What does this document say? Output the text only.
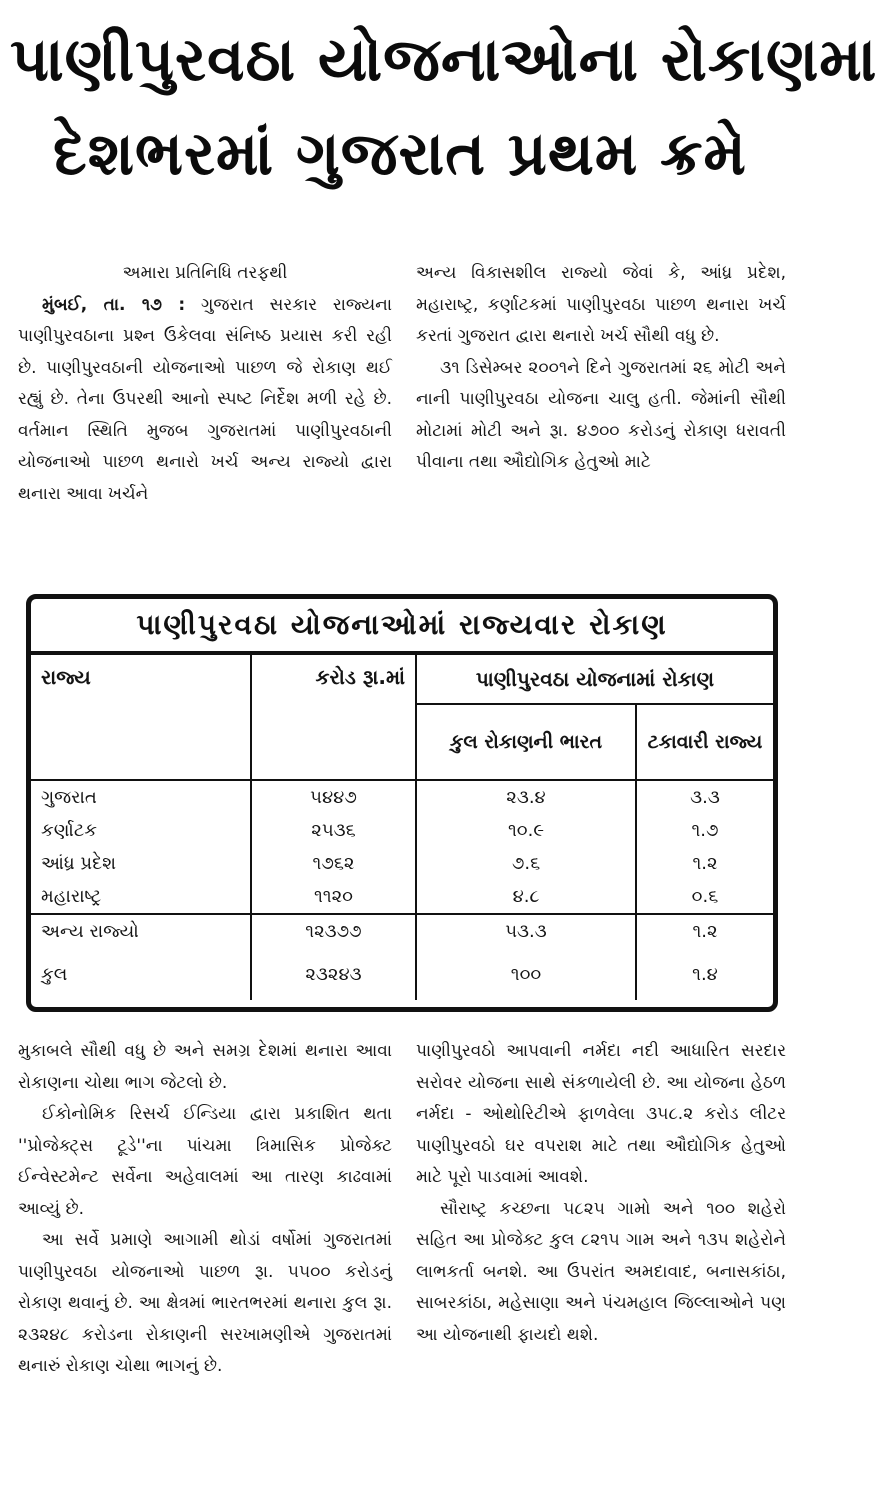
પાણીપુરવઠા યોજનાઓના રોકાણમા
દેશભરમાં ગુજરાત પ્રથમ ક્રમે

અમારા પ્રતિનિધિ તરફથી

મુંબઈ, તા. ૧૭ : ગુજરાત સરકાર રાજ્યના પાણીપુરવઠાના પ્રશ્ન ઉકેલવા સંનિષ્ઠ પ્રયાસ કરી રહી છે. પાણીપુરવઠાની યોજનાઓ પાછળ જે રોકાણ થઈ રહ્યું છે. તેના ઉપરથી આનો સ્પષ્ટ નિર્દેશ મળી રહે છે. વર્તમાન સ્થિતિ મુજબ ગુજરાતમાં પાણીપુરવઠાની યોજનાઓ પાછળ થનારો ખર્ચ અન્ય રાજ્યો દ્વારા થનારા આવા ખર્ચને

અન્ય વિકાસશીલ રાજ્યો જેવાં કે, આંધ્ર પ્રદેશ, મહારાષ્ટ્ર, કર્ણાટકમાં પાણીપુરવઠા પાછળ થનારા ખર્ચ કરતાં ગુજરાત દ્વારા થનારો ખર્ચ સૌથી વધુ છે.

૩૧ ડિસેમ્બર ૨૦૦૧ને દિને ગુજરાતમાં ૨૬ મોટી અને નાની પાણીપુરવઠા યોજના ચાલુ હતી. જેમાંની સૌથી મોટામાં મોટી અને રૂા. ૪૭૦૦ કરોડનું રોકાણ ધરાવતી પીવાના તથા ઔદ્યોગિક હેતુઓ માટે

પાણીપુરવઠા યોજનાઓમાં રાજ્યવાર રોકાણ
રાજ્ય	કરોડ રૂા.માં	પાણીપુરવઠા યોજનામાં રોકાણ	
		કુલ રોકાણની ભારત	ટકાવારી રાજ્ય
ગુજરાત	૫૪૪૭	૨૩.૪	૩.૩
કર્ણાટક	૨૫૩૬	૧૦.૯	૧.૭
આંધ્ર પ્રદેશ	૧૭૬૨	૭.૬	૧.૨
મહારાષ્ટ્ર	૧૧૨૦	૪.૮	૦.૬
અન્ય રાજ્યો	૧૨૩૭૭	૫૩.૩	૧.૨
કુલ	૨૩૨૪૩	૧૦૦	૧.૪

મુકાબલે સૌથી વધુ છે અને સમગ્ર દેશમાં થનારા આવા રોકાણના ચોથા ભાગ જેટલો છે.

ઈકોનોમિક રિસર્ચ ઈન્ડિયા દ્વારા પ્રકાશિત થતા ''પ્રોજેક્ટ્સ ટૂડે''ના પાંચમા ત્રિમાસિક પ્રોજેક્ટ ઈન્વેસ્ટમેન્ટ સર્વેના અહેવાલમાં આ તારણ કાઢવામાં આવ્યું છે.

આ સર્વે પ્રમાણે આગામી થોડાં વર્ષોમાં ગુજરાતમાં પાણીપુરવઠા યોજનાઓ પાછળ રૂા. ૫૫૦૦ કરોડનું રોકાણ થવાનું છે. આ ક્ષેત્રમાં ભારતભરમાં થનારા કુલ રૂા. ૨૩૨૪૮ કરોડના રોકાણની સરખામણીએ ગુજરાતમાં થનારું રોકાણ ચોથા ભાગનું છે.

પાણીપુરવઠો આપવાની નર્મદા નદી આધારિત સરદાર સરોવર યોજના સાથે સંકળાયેલી છે. આ યોજના હેઠળ નર્મદા - ઓથોરિટીએ ફાળવેલા ૩૫૮.૨ કરોડ લીટર પાણીપુરવઠો ઘર વપરાશ માટે તથા ઔદ્યોગિક હેતુઓ માટે પૂરો પાડવામાં આવશે.

સૌરાષ્ટ્ર કચ્છના ૫૮૨૫ ગામો અને ૧૦૦ શહેરો સહિત આ પ્રોજેક્ટ કુલ ૮૨૧૫ ગામ અને ૧૩૫ શહેરોને લાભકર્તા બનશે. આ ઉપરાંત અમદાવાદ, બનાસકાંઠા, સાબરકાંઠા, મહેસાણા અને પંચમહાલ જિલ્લાઓને પણ આ યોજનાથી ફાયદો થશે.
